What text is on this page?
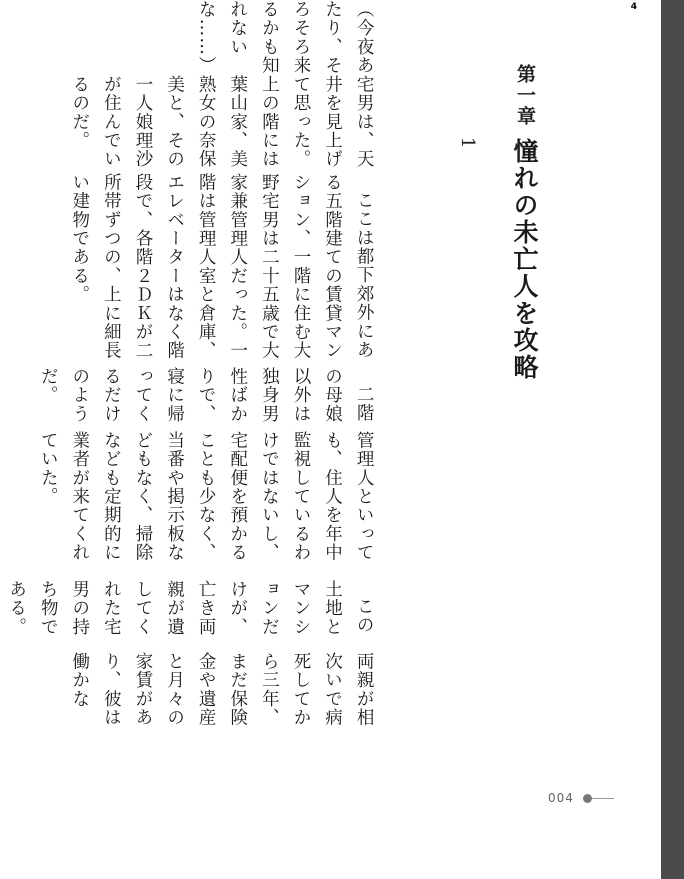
4
第一章
憧れの未亡人を攻略
1

（今夜あたり、そろそろ来るかも知れないな……）

宅男は、天井を見上げて思った。上の階には葉山家、美熟女の奈保美と、その一人娘理沙が住んでいるのだ。

ここは都下郊外にある五階建ての賃貸マンション、一階に住む大野宅男は二十五歳で大家兼管理人だった。一階は管理人室と倉庫、エレベーターはなく階段で、各階２ＤＫが二所帯ずつの、上に細長い建物である。

二階の母娘以外は独身男性ばかりで、寝に帰ってくるだけのようだ。

管理人といっても、住人を年中監視しているわけではないし、宅配便を預かることも少なく、当番や掲示板などもなく、掃除なども定期的に業者が来てくれていた。

この土地とマンションだけが、亡き両親が遺してくれた宅男の持ち物である。

両親が相次いで病死してから三年、まだ保険金や遺産と月々の家賃があり、彼は働かな

004
